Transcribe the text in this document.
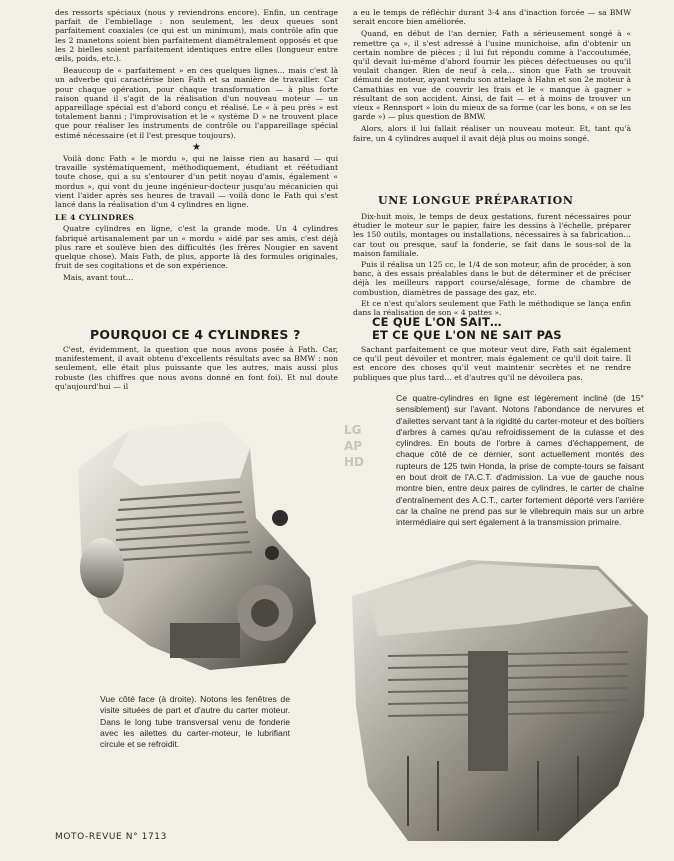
des ressorts spéciaux (nous y reviendrons encore). Enfin, un centrage parfait de l'embiellage : non seulement, les deux queues sont parfaitement coaxiales (ce qui est un minimum), mais contrôle afin que les 2 manetons soient bien parfaitement diamétralement opposés et que les 2 bielles soient parfaitement identiques entre elles (longueur entre œils, poids, etc.).

Beaucoup de « parfaitement » en ces quelques lignes… mais c'est là un adverbe qui caractérise bien Fath et sa manière de travailler. Car pour chaque opération, pour chaque transformation — à plus forte raison quand il s'agit de la réalisation d'un nouveau moteur — un appareillage spécial est d'abord conçu et réalisé. Le « à peu près » est totalement banni ; l'improvisation et le « système D » ne trouvent place que pour réaliser les instruments de contrôle ou l'appareillage spécial estimé nécessaire (et il l'est presque toujours).

★

Voilà donc Fath « le mordu », qui ne laisse rien au hasard — qui travaille systématiquement, méthodiquement, étudiant et réétudiant toute chose, qui a su s'entourer d'un petit noyau d'amis, également « mordus », qui vont du jeune ingénieur-docteur jusqu'au mécanicien qui vient l'aider après ses heures de travail — voilà donc le Fath qui s'est lancé dans la réalisation d'un 4 cylindres en ligne.

LE 4 CYLINDRES

Quatre cylindres en ligne, c'est la grande mode. Un 4 cylindres fabriqué artisanalement par un « mordu » aidé par ses amis, c'est déjà plus rare et soulève bien des difficultés (les frères Nougier en savent quelque chose). Mais Fath, de plus, apporte là des formules originales, fruit de ses cogitations et de son expérience.

Mais, avant tout…

POURQUOI CE 4 CYLINDRES ?

C'est, évidemment, la question que nous avons posée à Fath. Car, manifestement, il avait obtenu d'excellents résultats avec sa BMW : non seulement, elle était plus puissante que les autres, mais aussi plus robuste (les chiffres que nous avons donné en font foi). Et nul doute qu'aujourd'hui — il

a eu le temps de réfléchir durant 3-4 ans d'inaction forcée — sa BMW serait encore bien améliorée.

Quand, en début de l'an dernier, Fath a sérieusement songé à « remettre ça », il s'est adressé à l'usine munichoise, afin d'obtenir un certain nombre de pièces ; il lui fut répondu comme à l'accoutumée, qu'il devait lui-même d'abord fournir les pièces défectueuses ou qu'il voulait changer. Rien de neuf à cela… sinon que Fath se trouvait démuni de moteur, ayant vendu son attelage à Hahn et son 2e moteur à Camathias en vue de couvrir les frais et le « manque à gagner » résultant de son accident. Ainsi, de fait — et à moins de trouver un vieux « Rennsport » loin du mieux de sa forme (car les bons, « on se les garde ») — plus question de BMW.

Alors, alors il lui fallait réaliser un nouveau moteur. Et, tant qu'à faire, un 4 cylindres auquel il avait déjà plus ou moins songé.

UNE LONGUE PRÉPARATION

Dix-huit mois, le temps de deux gestations, furent nécessaires pour étudier le moteur sur le papier, faire les dessins à l'échelle, préparer les 150 outils, montages ou installations, nécessaires à sa fabrication… car tout ou presque, sauf la fonderie, se fait dans le sous-sol de la maison familiale.

Puis il réalisa un 125 cc, le 1/4 de son moteur, afin de procéder, à son banc, à des essais préalables dans le but de déterminer et de préciser déjà les meilleurs rapport course/alésage, forme de chambre de combustion, diamètres de passage des gaz, etc.

Et ce n'est qu'alors seulement que Fath le méthodique se lança enfin dans la réalisation de son « 4 pattes ».

CE QUE L'ON SAIT…
ET CE QUE L'ON NE SAIT PAS

Sachant parfaitement ce que moteur veut dire, Fath sait également ce qu'il peut dévoiler et montrer, mais également ce qu'il doit taire. Il est encore des choses qu'il veut maintenir secrètes et ne rendre publiques que plus tard… et d'autres qu'il ne dévoilera pas.

LG
AP
HD
Ce quatre-cylindres en ligne est légèrement incliné (de 15° sensiblement) sur l'avant. Notons l'abondance de nervures et d'ailettes servant tant à la rigidité du carter-moteur et des boîtiers d'arbres à cames qu'au refroidissement de la culasse et des cylindres. En bouts de l'orbre à cames d'échappement, de chaque côté de ce dernier, sont actuellement montés des rupteurs de 125 twin Honda, la prise de compte-tours se faisant en bout droit de l'A.C.T. d'admission. La vue de gauche nous montre bien, entre deux paires de cylindres, le carter de chaîne d'entraînement des A.C.T., carter fortement déporté vers l'arrière car la chaîne ne prend pas sur le vilebrequin mais sur un arbre intermédiaire qui sert également à la transmission primaire.
Vue côté face (à droite). Notons les fenêtres de visite situées de part et d'autre du carter moteur. Dans le long tube transversal venu de fonderie avec les ailettes du carter-moteur, le lubrifiant circule et se refroidit.
MOTO-REVUE N° 1713
